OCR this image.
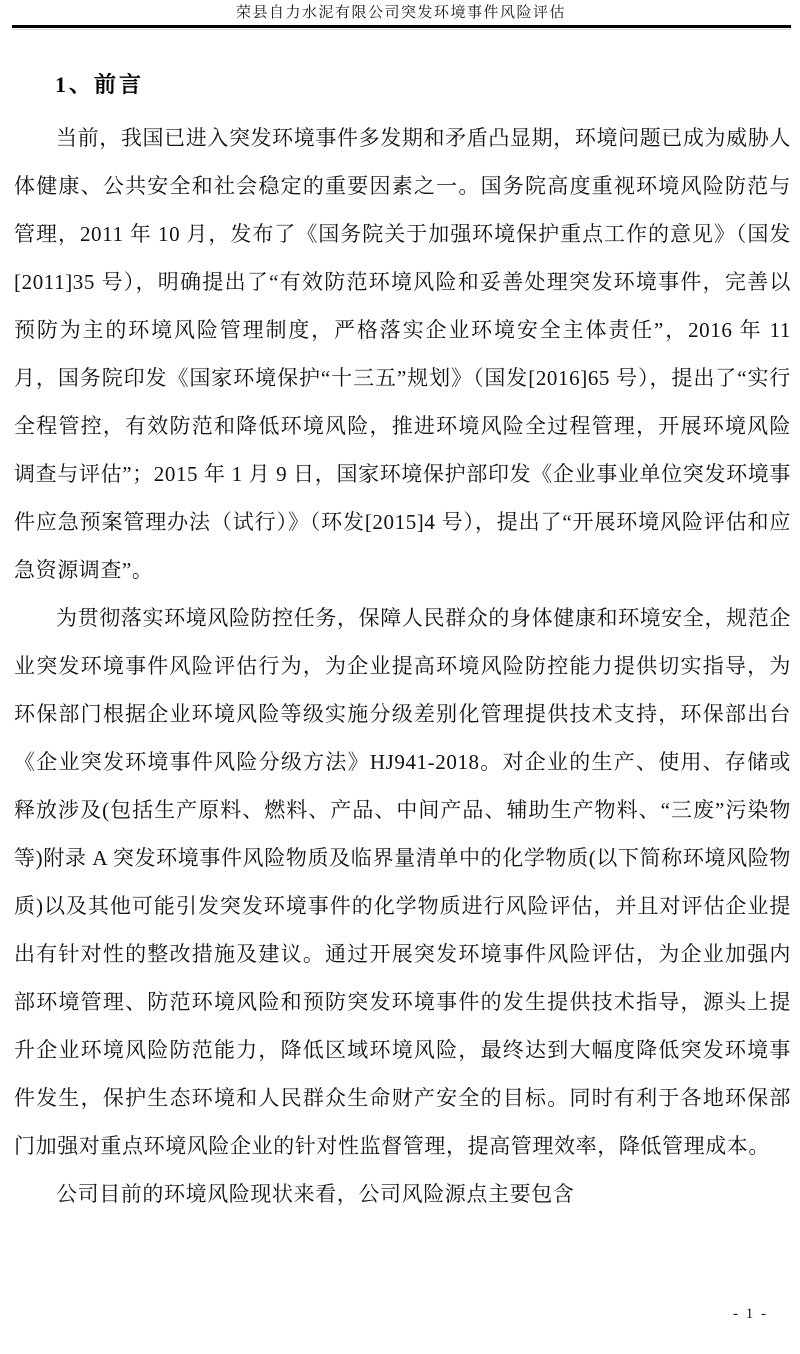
荣县自力水泥有限公司突发环境事件风险评估
1、前言

当前，我国已进入突发环境事件多发期和矛盾凸显期，环境问题已成为威胁人体健康、公共安全和社会稳定的重要因素之一。国务院高度重视环境风险防范与管理，2011 年 10 月，发布了《国务院关于加强环境保护重点工作的意见》（国发[2011]35 号），明确提出了“有效防范环境风险和妥善处理突发环境事件，完善以预防为主的环境风险管理制度，严格落实企业环境安全主体责任”，2016 年 11 月，国务院印发《国家环境保护“十三五”规划》（国发[2016]65 号），提出了“实行全程管控，有效防范和降低环境风险，推进环境风险全过程管理，开展环境风险调查与评估”；2015 年 1 月 9 日，国家环境保护部印发《企业事业单位突发环境事件应急预案管理办法（试行）》（环发[2015]4 号），提出了“开展环境风险评估和应急资源调查”。

为贯彻落实环境风险防控任务，保障人民群众的身体健康和环境安全，规范企业突发环境事件风险评估行为，为企业提高环境风险防控能力提供切实指导，为环保部门根据企业环境风险等级实施分级差别化管理提供技术支持，环保部出台《企业突发环境事件风险分级方法》HJ941-2018。对企业的生产、使用、存储或释放涉及(包括生产原料、燃料、产品、中间产品、辅助生产物料、“三废”污染物等)附录 A 突发环境事件风险物质及临界量清单中的化学物质(以下简称环境风险物质)以及其他可能引发突发环境事件的化学物质进行风险评估，并且对评估企业提出有针对性的整改措施及建议。通过开展突发环境事件风险评估，为企业加强内部环境管理、防范环境风险和预防突发环境事件的发生提供技术指导，源头上提升企业环境风险防范能力，降低区域环境风险，最终达到大幅度降低突发环境事件发生，保护生态环境和人民群众生命财产安全的目标。同时有利于各地环保部门加强对重点环境风险企业的针对性监督管理，提高管理效率，降低管理成本。

公司目前的环境风险现状来看，公司风险源点主要包含

- 1 -
